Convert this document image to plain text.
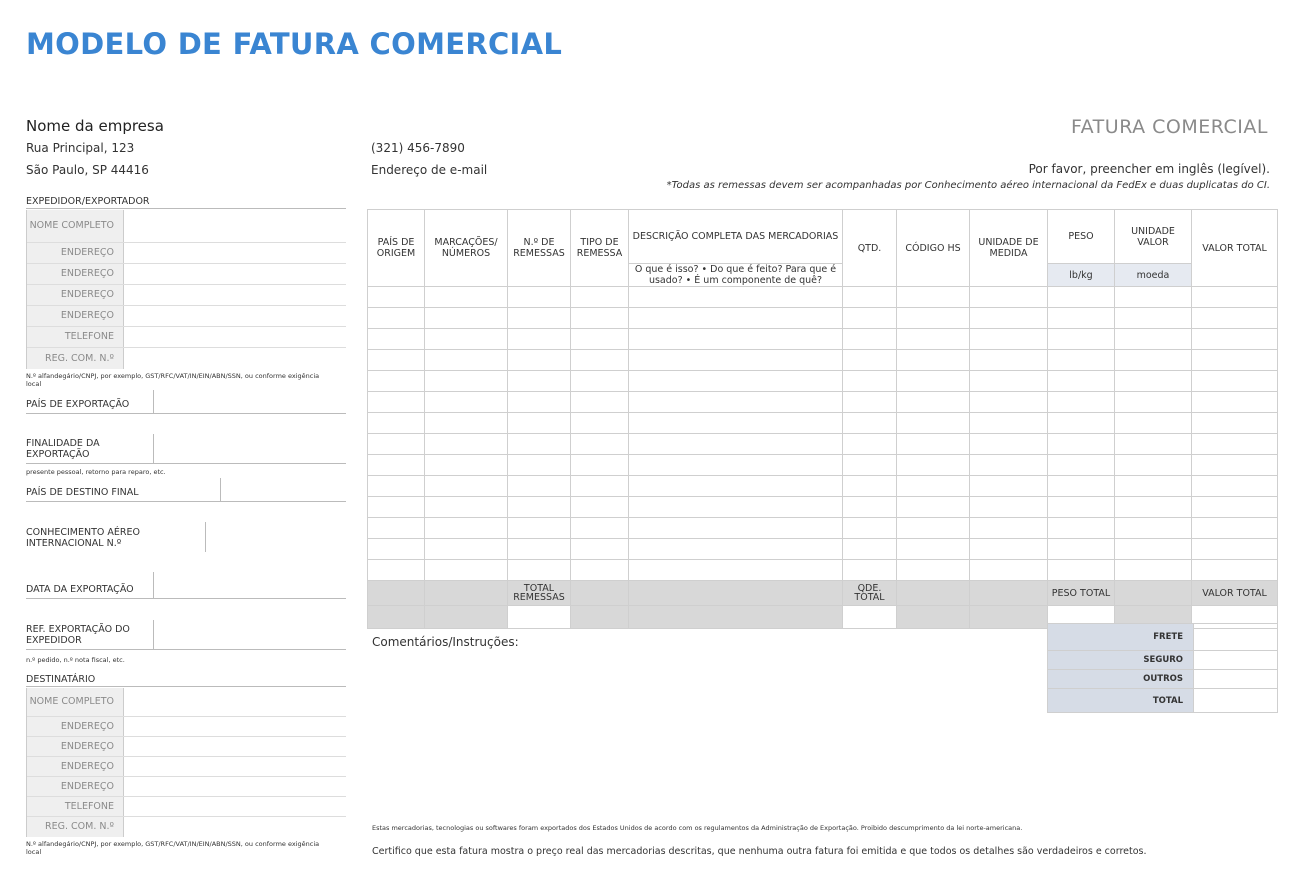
MODELO DE FATURA COMERCIAL
Nome da empresa
Rua Principal, 123
São Paulo, SP 44416
(321) 456-7890
Endereço de e-mail
FATURA COMERCIAL
Por favor, preencher em inglês (legível).
*Todas as remessas devem ser acompanhadas por Conhecimento aéreo internacional da FedEx e duas duplicatas do CI.
EXPEDIDOR/EXPORTADOR
NOME COMPLETO
ENDEREÇO
ENDEREÇO
ENDEREÇO
ENDEREÇO
TELEFONE
REG. COM. N.º
N.º alfandegário/CNPJ, por exemplo, GST/RFC/VAT/IN/EIN/ABN/SSN, ou conforme exigência local
PAÍS DE EXPORTAÇÃO
FINALIDADE DA EXPORTAÇÃO
presente pessoal, retorno para reparo, etc.
PAÍS DE DESTINO FINAL
CONHECIMENTO AÉREO INTERNACIONAL N.º
DATA DA EXPORTAÇÃO
REF. EXPORTAÇÃO DO EXPEDIDOR
n.º pedido, n.º nota fiscal, etc.
DESTINATÁRIO
NOME COMPLETO
ENDEREÇO
ENDEREÇO
ENDEREÇO
ENDEREÇO
TELEFONE
REG. COM. N.º
N.º alfandegário/CNPJ, por exemplo, GST/RFC/VAT/IN/EIN/ABN/SSN, ou conforme exigência local
PAÍS DE ORIGEM	MARCAÇÕES/ NÚMEROS	N.º DE REMESSAS	TIPO DE REMESSA	DESCRIÇÃO COMPLETA DAS MERCADORIAS	QTD.	CÓDIGO HS	UNIDADE DE MEDIDA	PESO	UNIDADE VALOR	VALOR TOTAL
				O que é isso? • Do que é feito? Para que é usado? • É um componente de quê?				lb/kg	moeda	

		TOTAL REMESSAS			QDE. TOTAL			PESO TOTAL		VALOR TOTAL

Comentários/Instruções:	FRETE	
SEGURO	
OUTROS	
TOTAL	
Estas mercadorias, tecnologias ou softwares foram exportados dos Estados Unidos de acordo com os regulamentos da Administração de Exportação. Proibido descumprimento da lei norte-americana.
Certifico que esta fatura mostra o preço real das mercadorias descritas, que nenhuma outra fatura foi emitida e que todos os detalhes são verdadeiros e corretos.
